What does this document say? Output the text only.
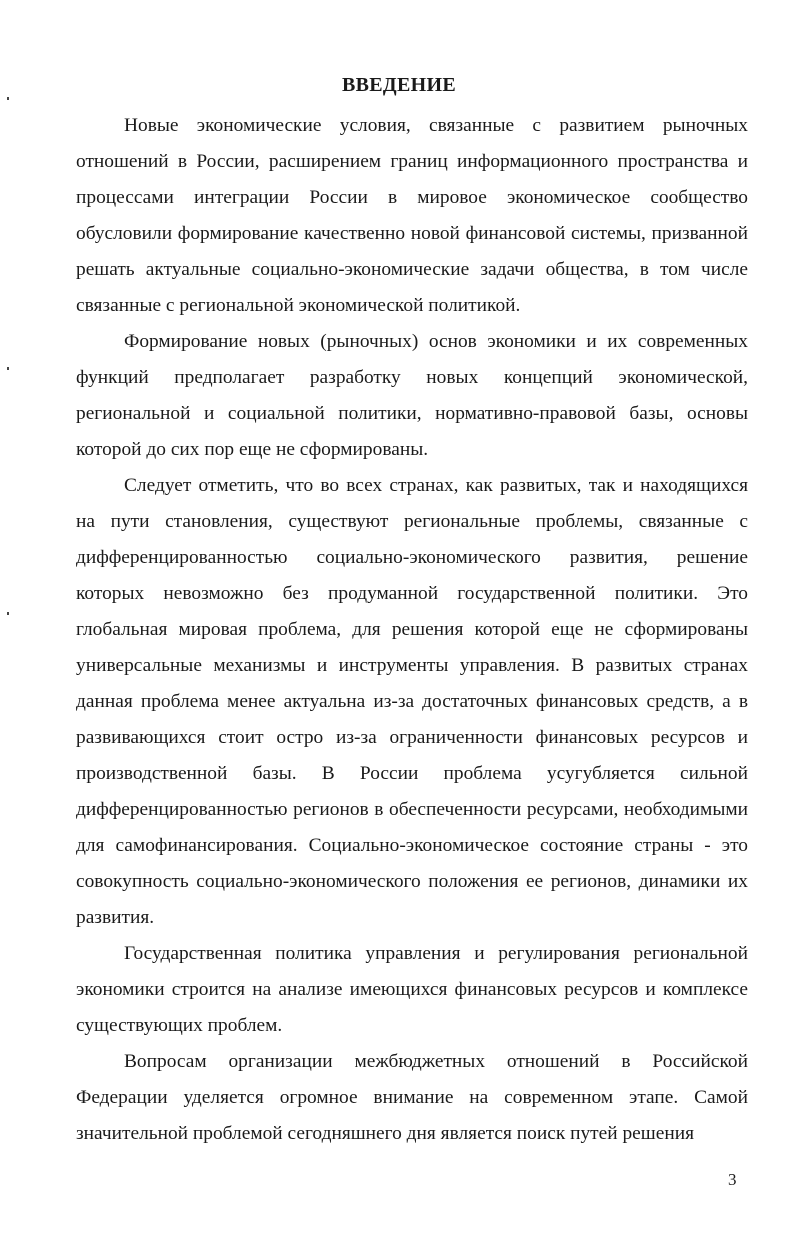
ВВЕДЕНИЕ

Новые экономические условия, связанные с развитием рыночных отношений в России, расширением границ информационного пространства и процессами интеграции России в мировое экономическое сообщество обусловили формирование качественно новой финансовой системы, призванной решать актуальные социально-экономические задачи общества, в том числе связанные с региональной экономической политикой.

Формирование новых (рыночных) основ экономики и их современных функций предполагает разработку новых концепций экономической, региональной и социальной политики, нормативно-правовой базы, основы которой до сих пор еще не сформированы.

Следует отметить, что во всех странах, как развитых, так и находящихся на пути становления, существуют региональные проблемы, связанные с дифференцированностью социально-экономического развития, решение которых невозможно без продуманной государственной политики. Это глобальная мировая проблема, для решения которой еще не сформированы универсальные механизмы и инструменты управления. В развитых странах данная проблема менее актуальна из-за достаточных финансовых средств, а в развивающихся стоит остро из-за ограниченности финансовых ресурсов и производственной базы. В России проблема усугубляется сильной дифференцированностью регионов в обеспеченности ресурсами, необходимыми для самофинансирования. Социально-экономическое состояние страны - это совокупность социально-экономического положения ее регионов, динамики их развития.

Государственная политика управления и регулирования региональной экономики строится на анализе имеющихся финансовых ресурсов и комплексе существующих проблем.

Вопросам организации межбюджетных отношений в Российской Федерации уделяется огромное внимание на современном этапе. Самой значительной проблемой сегодняшнего дня является поиск путей решения

3
